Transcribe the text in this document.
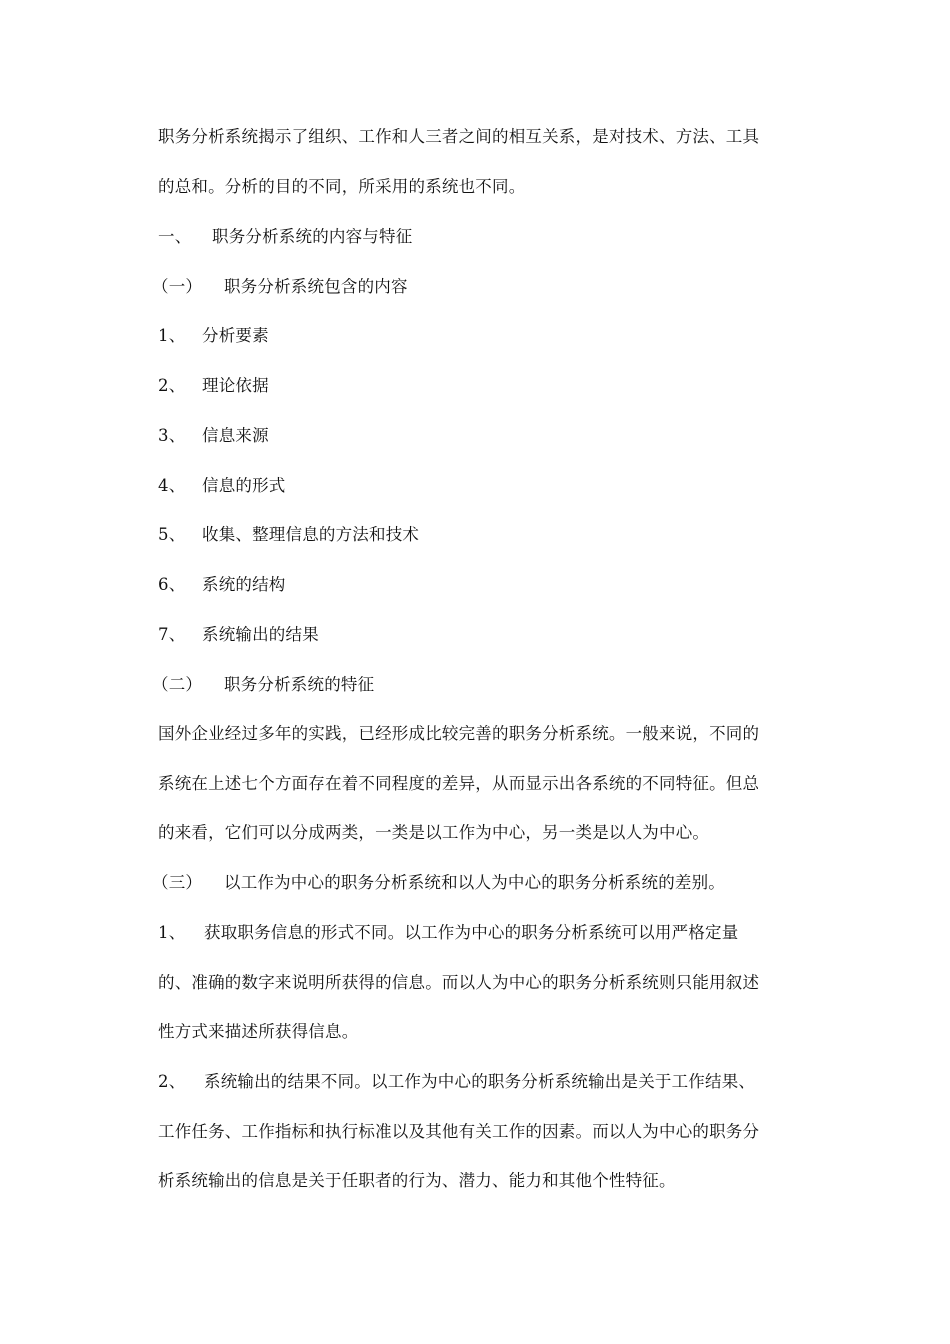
职务分析系统揭示了组织、工作和人三者之间的相互关系，是对技术、方法、工具
的总和。分析的目的不同，所采用的系统也不同。
一、 职务分析系统的内容与特征
（一） 职务分析系统包含的内容
1、 分析要素
2、 理论依据
3、 信息来源
4、 信息的形式
5、 收集、整理信息的方法和技术
6、 系统的结构
7、 系统输出的结果
（二） 职务分析系统的特征
国外企业经过多年的实践，已经形成比较完善的职务分析系统。一般来说，不同的
系统在上述七个方面存在着不同程度的差异，从而显示出各系统的不同特征。但总
的来看，它们可以分成两类，一类是以工作为中心，另一类是以人为中心。
（三） 以工作为中心的职务分析系统和以人为中心的职务分析系统的差别。
1、 获取职务信息的形式不同。以工作为中心的职务分析系统可以用严格定量
的、准确的数字来说明所获得的信息。而以人为中心的职务分析系统则只能用叙述
性方式来描述所获得信息。
2、 系统输出的结果不同。以工作为中心的职务分析系统输出是关于工作结果、
工作任务、工作指标和执行标准以及其他有关工作的因素。而以人为中心的职务分
析系统输出的信息是关于任职者的行为、潜力、能力和其他个性特征。
